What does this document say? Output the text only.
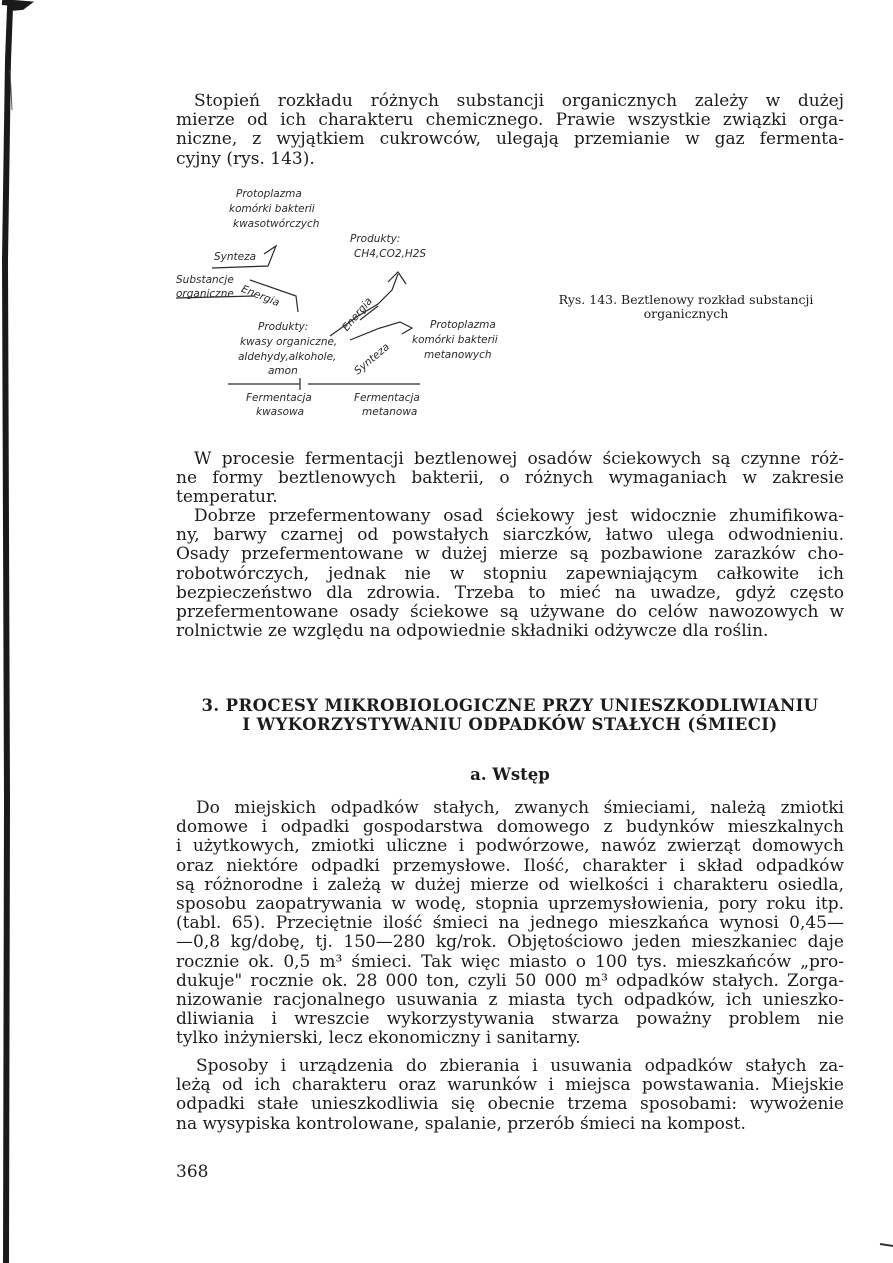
Stopień rozkładu różnych substancji organicznych zależy w dużej
mierze od ich charakteru chemicznego. Prawie wszystkie związki orga-
niczne, z wyjątkiem cukrowców, ulegają przemianie w gaz fermenta-
cyjny (rys. 143).

Protoplazma
komórki bakterii
kwasotwórczych
Synteza
Substancje
organiczne Energia
Produkty:
CH4,CO2,H2S
Energia
Produkty:
kwasy organiczne,
aldehydy,alkohole,
amon	Synteza
Protoplazma
komórki bakterii
metanowych
Fermentacja
kwasowa
Fermentacja
metanowa

Rys. 143. Beztlenowy rozkład substancji
organicznych

W procesie fermentacji beztlenowej osadów ściekowych są czynne róż-
ne formy beztlenowych bakterii, o różnych wymaganiach w zakresie
temperatur.

Dobrze przefermentowany osad ściekowy jest widocznie zhumifikowa-
ny, barwy czarnej od powstałych siarczków, łatwo ulega odwodnieniu.
Osady przefermentowane w dużej mierze są pozbawione zarazków cho-
robotwórczych, jednak nie w stopniu zapewniającym całkowite ich
bezpieczeństwo dla zdrowia. Trzeba to mieć na uwadze, gdyż często
przefermentowane osady ściekowe są używane do celów nawozowych w
rolnictwie ze względu na odpowiednie składniki odżywcze dla roślin.

3. PROCESY MIKROBIOLOGICZNE PRZY UNIESZKODLIWIANIU
I WYKORZYSTYWANIU ODPADKÓW STAŁYCH (ŚMIECI)

a. Wstęp

Do miejskich odpadków stałych, zwanych śmieciami, należą zmiotki
domowe i odpadki gospodarstwa domowego z budynków mieszkalnych
i użytkowych, zmiotki uliczne i podwórzowe, nawóz zwierząt domowych
oraz niektóre odpadki przemysłowe. Ilość, charakter i skład odpadków
są różnorodne i zależą w dużej mierze od wielkości i charakteru osiedla,
sposobu zaopatrywania w wodę, stopnia uprzemysłowienia, pory roku itp.
(tabl. 65). Przeciętnie ilość śmieci na jednego mieszkańca wynosi 0,45—
—0,8 kg/dobę, tj. 150—280 kg/rok. Objętościowo jeden mieszkaniec daje
rocznie ok. 0,5 m³ śmieci. Tak więc miasto o 100 tys. mieszkańców „pro-
dukuje" rocznie ok. 28 000 ton, czyli 50 000 m³ odpadków stałych. Zorga-
nizowanie racjonalnego usuwania z miasta tych odpadków, ich unieszko-
dliwiania i wreszcie wykorzystywania stwarza poważny problem nie
tylko inżynierski, lecz ekonomiczny i sanitarny.

Sposoby i urządzenia do zbierania i usuwania odpadków stałych za-
leżą od ich charakteru oraz warunków i miejsca powstawania. Miejskie
odpadki stałe unieszkodliwia się obecnie trzema sposobami: wywożenie
na wysypiska kontrolowane, spalanie, przerób śmieci na kompost.

368
